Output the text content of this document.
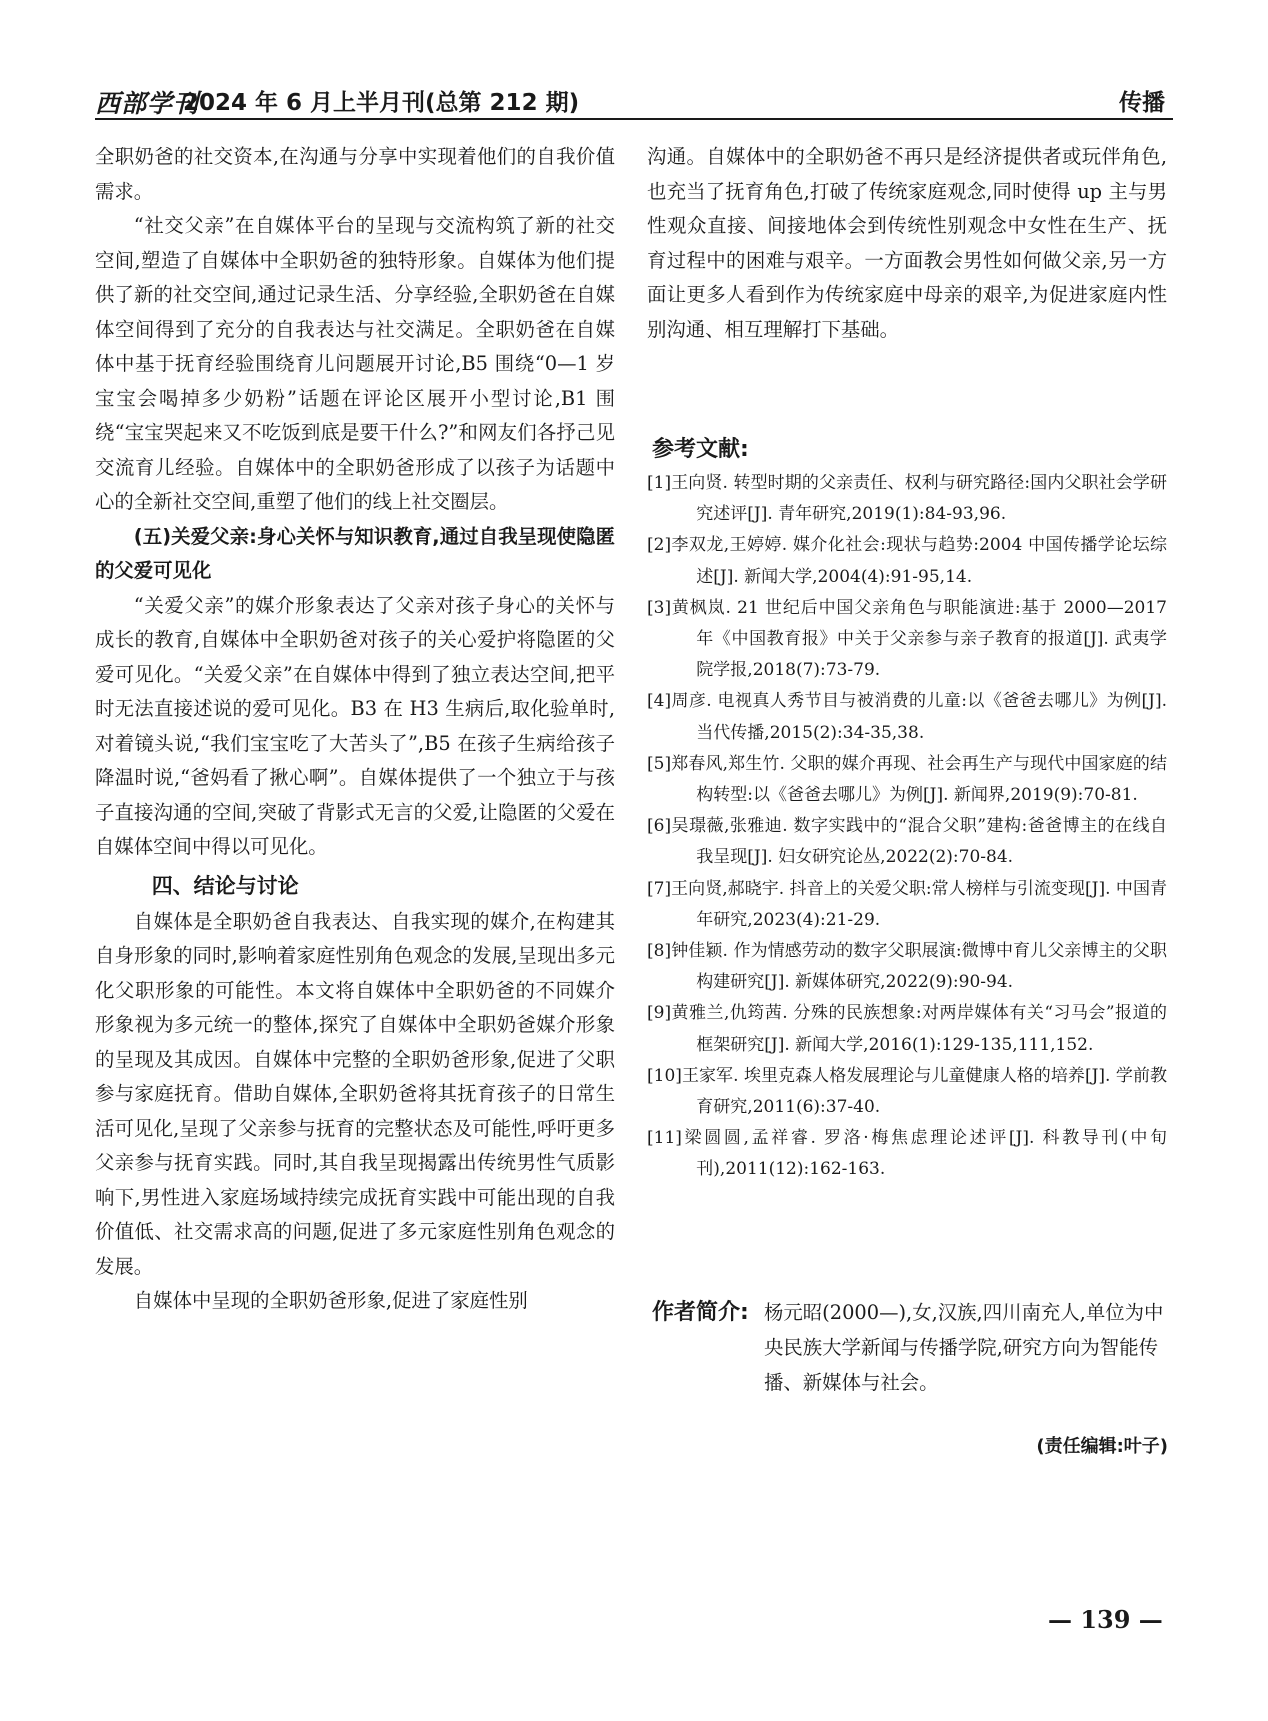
西部学刊
2024 年 6 月上半月刊(总第 212 期)	传播

全职奶爸的社交资本,在沟通与分享中实现着他们的自我价值需求。

“社交父亲”在自媒体平台的呈现与交流构筑了新的社交空间,塑造了自媒体中全职奶爸的独特形象。自媒体为他们提供了新的社交空间,通过记录生活、分享经验,全职奶爸在自媒体空间得到了充分的自我表达与社交满足。全职奶爸在自媒体中基于抚育经验围绕育儿问题展开讨论,B5 围绕“0—1 岁宝宝会喝掉多少奶粉”话题在评论区展开小型讨论,B1 围绕“宝宝哭起来又不吃饭到底是要干什么?”和网友们各抒己见交流育儿经验。自媒体中的全职奶爸形成了以孩子为话题中心的全新社交空间,重塑了他们的线上社交圈层。

(五)关爱父亲:身心关怀与知识教育,通过自我呈现使隐匿的父爱可见化

“关爱父亲”的媒介形象表达了父亲对孩子身心的关怀与成长的教育,自媒体中全职奶爸对孩子的关心爱护将隐匿的父爱可见化。“关爱父亲”在自媒体中得到了独立表达空间,把平时无法直接述说的爱可见化。B3 在 H3 生病后,取化验单时,对着镜头说,“我们宝宝吃了大苦头了”,B5 在孩子生病给孩子降温时说,“爸妈看了揪心啊”。自媒体提供了一个独立于与孩子直接沟通的空间,突破了背影式无言的父爱,让隐匿的父爱在自媒体空间中得以可见化。

四、结论与讨论

自媒体是全职奶爸自我表达、自我实现的媒介,在构建其自身形象的同时,影响着家庭性别角色观念的发展,呈现出多元化父职形象的可能性。本文将自媒体中全职奶爸的不同媒介形象视为多元统一的整体,探究了自媒体中全职奶爸媒介形象的呈现及其成因。自媒体中完整的全职奶爸形象,促进了父职参与家庭抚育。借助自媒体,全职奶爸将其抚育孩子的日常生活可见化,呈现了父亲参与抚育的完整状态及可能性,呼吁更多父亲参与抚育实践。同时,其自我呈现揭露出传统男性气质影响下,男性进入家庭场域持续完成抚育实践中可能出现的自我价值低、社交需求高的问题,促进了多元家庭性别角色观念的发展。

自媒体中呈现的全职奶爸形象,促进了家庭性别

沟通。自媒体中的全职奶爸不再只是经济提供者或玩伴角色,也充当了抚育角色,打破了传统家庭观念,同时使得 up 主与男性观众直接、间接地体会到传统性别观念中女性在生产、抚育过程中的困难与艰辛。一方面教会男性如何做父亲,另一方面让更多人看到作为传统家庭中母亲的艰辛,为促进家庭内性别沟通、相互理解打下基础。

参考文献:
[1]王向贤. 转型时期的父亲责任、权利与研究路径:国内父职社会学研究述评[J]. 青年研究,2019(1):84-93,96.
[2]李双龙,王婷婷. 媒介化社会:现状与趋势:2004 中国传播学论坛综述[J]. 新闻大学,2004(4):91-95,14.
[3]黄枫岚. 21 世纪后中国父亲角色与职能演进:基于 2000—2017 年《中国教育报》中关于父亲参与亲子教育的报道[J]. 武夷学院学报,2018(7):73-79.
[4]周彦. 电视真人秀节目与被消费的儿童:以《爸爸去哪儿》为例[J]. 当代传播,2015(2):34-35,38.
[5]郑春风,郑生竹. 父职的媒介再现、社会再生产与现代中国家庭的结构转型:以《爸爸去哪儿》为例[J]. 新闻界,2019(9):70-81.
[6]吴璟薇,张雅迪. 数字实践中的“混合父职”建构:爸爸博主的在线自我呈现[J]. 妇女研究论丛,2022(2):70-84.
[7]王向贤,郝晓宇. 抖音上的关爱父职:常人榜样与引流变现[J]. 中国青年研究,2023(4):21-29.
[8]钟佳颖. 作为情感劳动的数字父职展演:微博中育儿父亲博主的父职构建研究[J]. 新媒体研究,2022(9):90-94.
[9]黄雅兰,仇筠茜. 分殊的民族想象:对两岸媒体有关“习马会”报道的框架研究[J]. 新闻大学,2016(1):129-135,111,152.
[10]王家军. 埃里克森人格发展理论与儿童健康人格的培养[J]. 学前教育研究,2011(6):37-40.
[11]梁圆圆,孟祥睿. 罗洛·梅焦虑理论述评[J]. 科教导刊(中旬刊),2011(12):162-163.
作者简介: 杨元昭(2000—),女,汉族,四川南充人,单位为中央民族大学新闻与传播学院,研究方向为智能传播、新媒体与社会。
(责任编辑:叶子)
— 139 —
